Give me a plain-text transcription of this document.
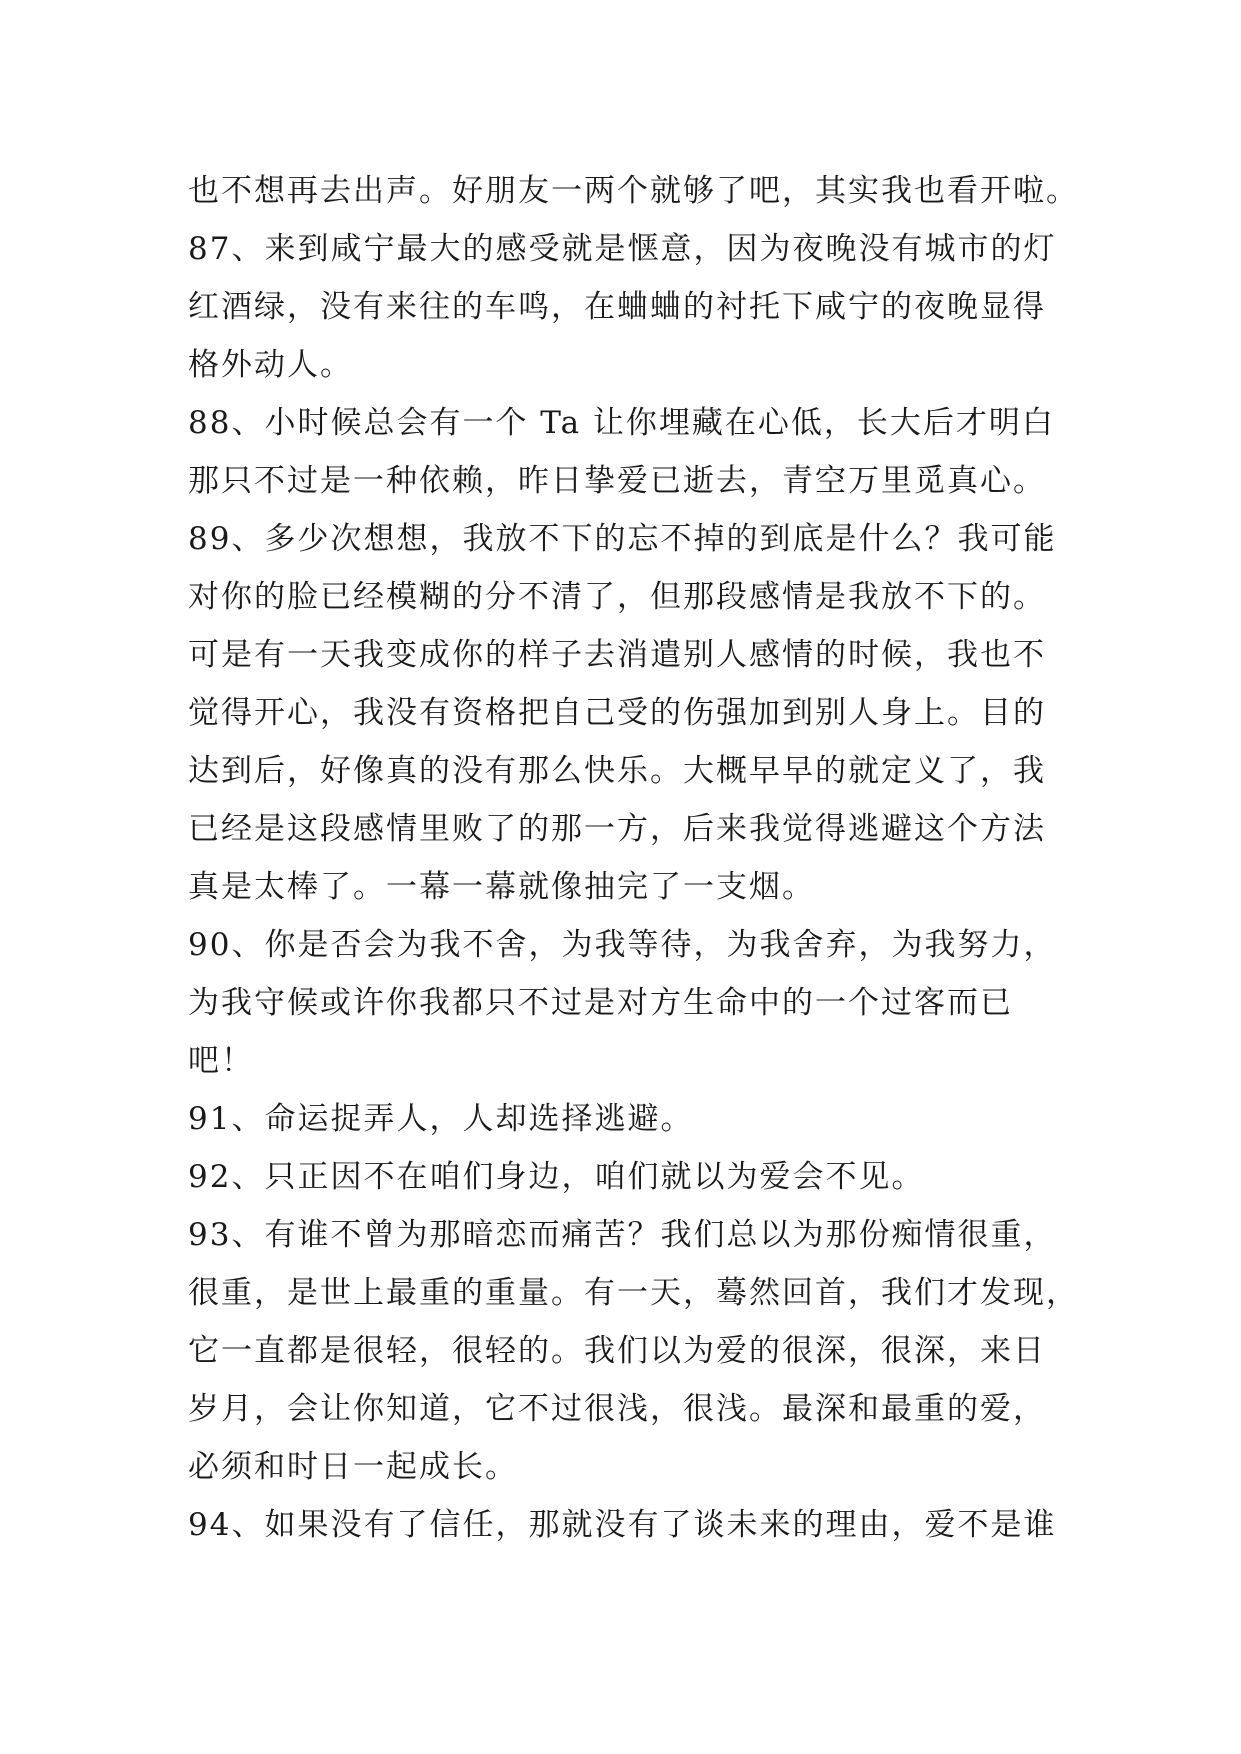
也不想再去出声。好朋友一两个就够了吧，其实我也看开啦。
87、来到咸宁最大的感受就是惬意，因为夜晚没有城市的灯
红酒绿，没有来往的车鸣，在蛐蛐的衬托下咸宁的夜晚显得
格外动人。
88、小时候总会有一个 Ta 让你埋藏在心低，长大后才明白
那只不过是一种依赖，昨日挚爱已逝去，青空万里觅真心。
89、多少次想想，我放不下的忘不掉的到底是什么？我可能
对你的脸已经模糊的分不清了，但那段感情是我放不下的。
可是有一天我变成你的样子去消遣别人感情的时候，我也不
觉得开心，我没有资格把自己受的伤强加到别人身上。目的
达到后，好像真的没有那么快乐。大概早早的就定义了，我
已经是这段感情里败了的那一方，后来我觉得逃避这个方法
真是太棒了。一幕一幕就像抽完了一支烟。
90、你是否会为我不舍，为我等待，为我舍弃，为我努力，
为我守候或许你我都只不过是对方生命中的一个过客而已
吧！
91、命运捉弄人，人却选择逃避。
92、只正因不在咱们身边，咱们就以为爱会不见。
93、有谁不曾为那暗恋而痛苦？我们总以为那份痴情很重，
很重，是世上最重的重量。有一天，蓦然回首，我们才发现，
它一直都是很轻，很轻的。我们以为爱的很深，很深，来日
岁月，会让你知道，它不过很浅，很浅。最深和最重的爱，
必须和时日一起成长。
94、如果没有了信任，那就没有了谈未来的理由，爱不是谁
